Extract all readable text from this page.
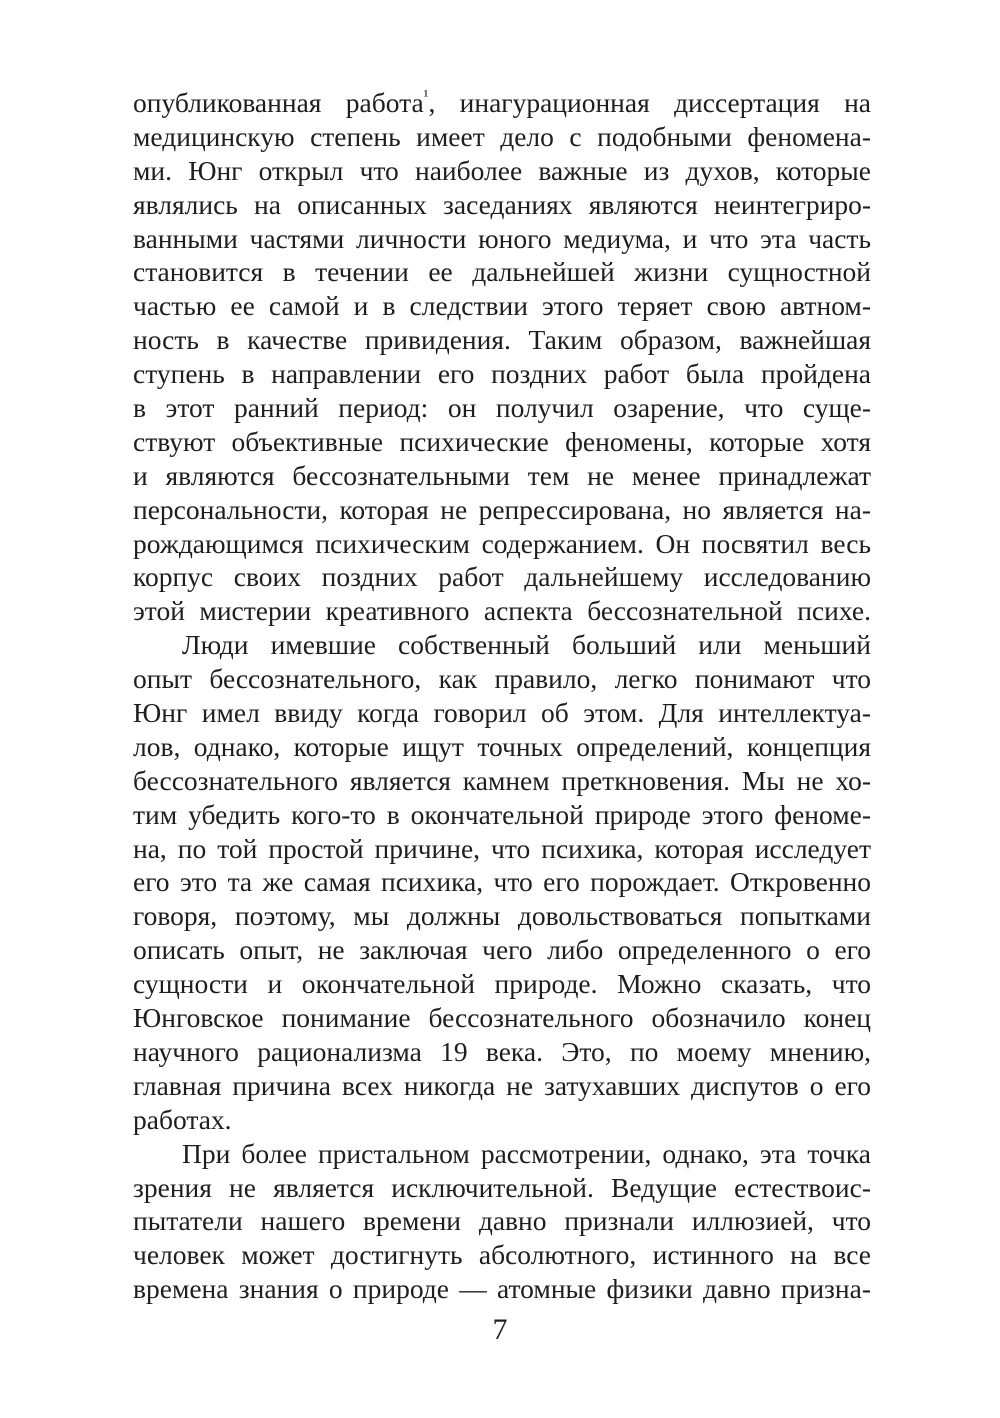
опубликованная работа$^{^1}$, инагурационная диссертация на
медицинскую степень имеет дело с подобными феномена-
ми. Юнг открыл что наиболее важные из духов, которые
являлись на описанных заседаниях являются неинтегриро-
ванными частями личности юного медиума, и что эта часть
становится в течении ее дальнейшей жизни сущностной
частью ее самой и в следствии этого теряет свою автном-
ность в качестве привидения. Таким образом, важнейшая
ступень в направлении его поздних работ была пройдена
в этот ранний период: он получил озарение, что суще-
ствуют объективные психические феномены, которые хотя
и являются бессознательными тем не менее принадлежат
персональности, которая не репрессирована, но является на-
рождающимся психическим содержанием. Он посвятил весь
корпус своих поздних работ дальнейшему исследованию
этой мистерии креативного аспекта бессознательной психе.
Люди имевшие собственный больший или меньший
опыт бессознательного, как правило, легко понимают что
Юнг имел ввиду когда говорил об этом. Для интеллектуа-
лов, однако, которые ищут точных определений, концепция
бессознательного является камнем преткновения. Мы не хо-
тим убедить кого-то в окончательной природе этого феноме-
на, по той простой причине, что психика, которая исследует
его это та же самая психика, что его порождает. Откровенно
говоря, поэтому, мы должны довольствоваться попытками
описать опыт, не заключая чего либо определенного о его
сущности и окончательной природе. Можно сказать, что
Юнговское понимание бессознательного обозначило конец
научного рационализма 19 века. Это, по моему мнению,
главная причина всех никогда не затухавших диспутов о его
работах.
При более пристальном рассмотрении, однако, эта точка
зрения не является исключительной. Ведущие естествоис-
пытатели нашего времени давно признали иллюзией, что
человек может достигнуть абсолютного, истинного на все
времена знания о природе — атомные физики давно призна-
7
